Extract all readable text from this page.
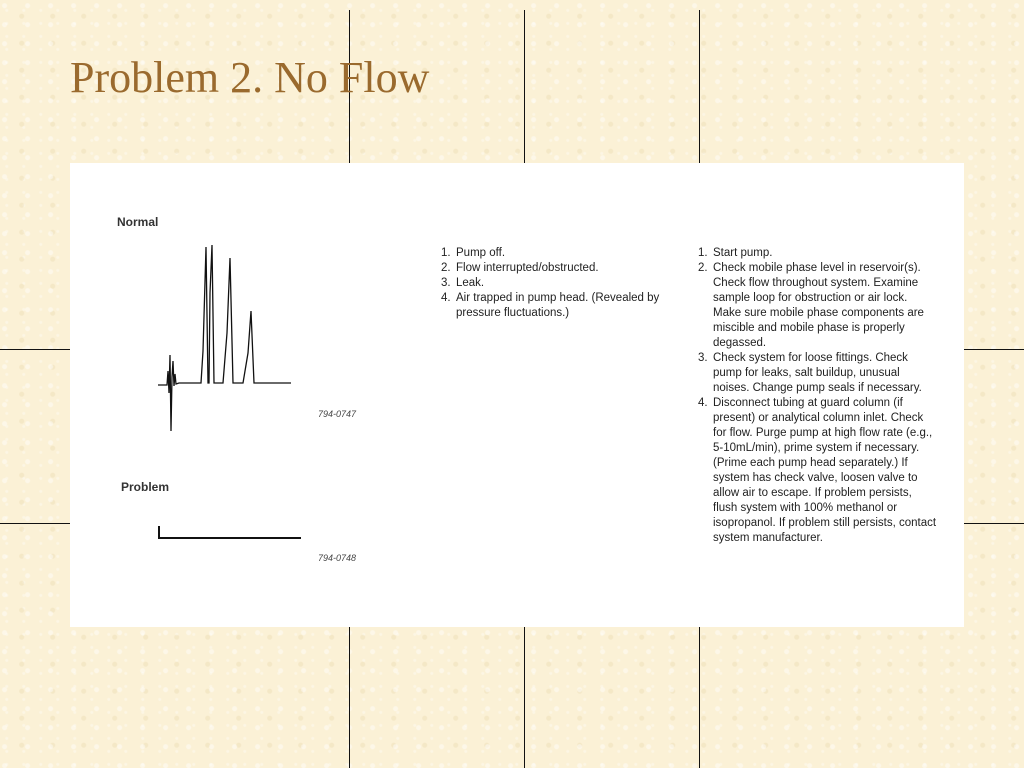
Problem 2. No Flow
Normal
794-0747
Problem
794-0748
1. Pump off.
2. Flow interrupted/obstructed.
3. Leak.
4. Air trapped in pump head. (Revealed by pressure fluctuations.)
1. Start pump.
2. Check mobile phase level in reservoir(s). Check flow throughout system. Examine sample loop for obstruction or air lock. Make sure mobile phase components are miscible and mobile phase is properly degassed.
3. Check system for loose fittings. Check pump for leaks, salt buildup, unusual noises. Change pump seals if necessary.
4. Disconnect tubing at guard column (if present) or analytical column inlet. Check for flow. Purge pump at high flow rate (e.g., 5-10mL/min), prime system if necessary. (Prime each pump head separately.) If system has check valve, loosen valve to allow air to escape. If problem persists, flush system with 100% methanol or isopropanol. If problem still persists, contact system manufacturer.
